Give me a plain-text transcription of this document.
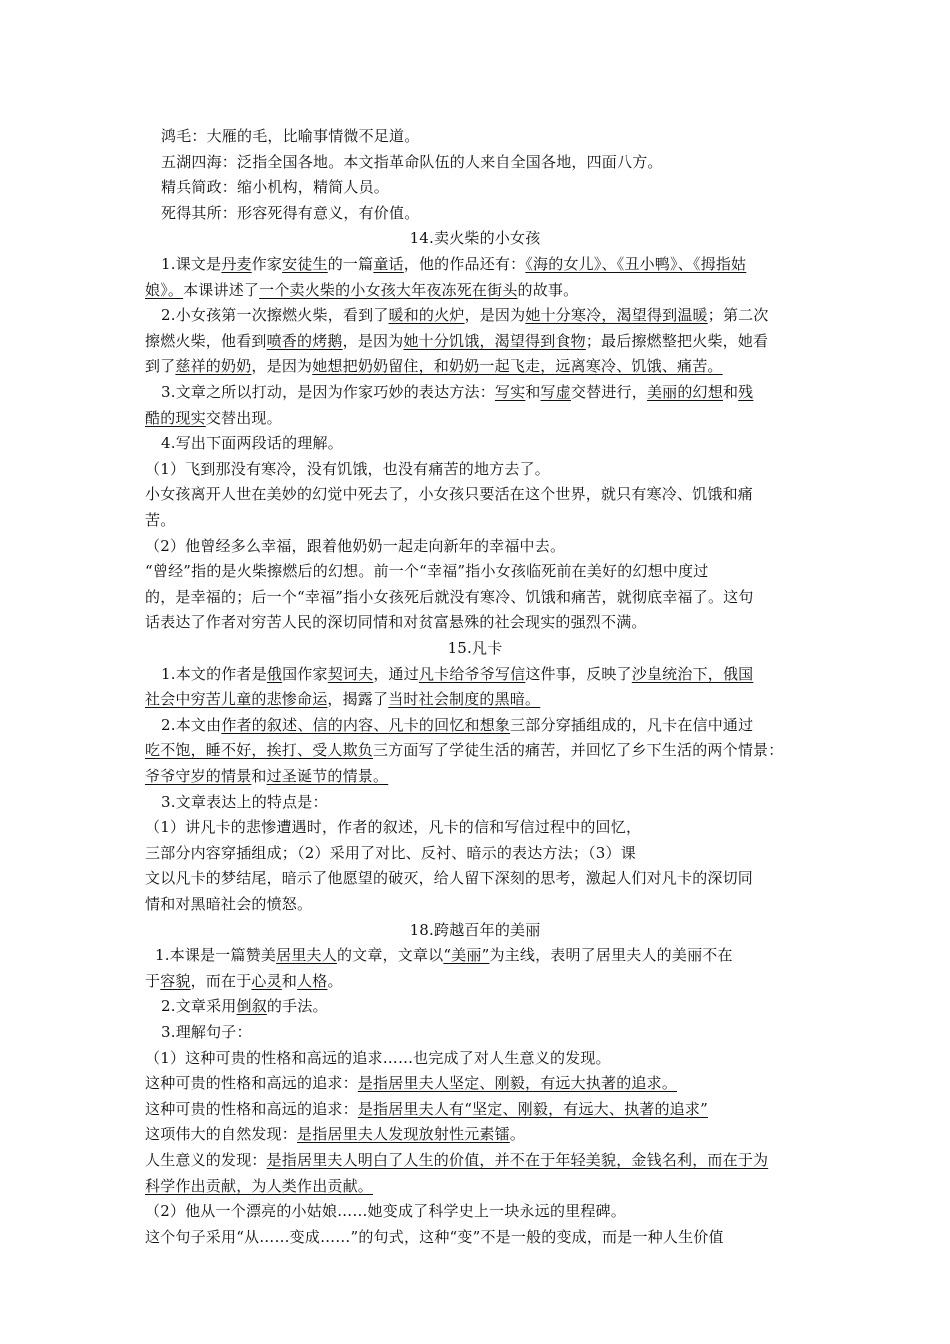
鸿毛：大雁的毛，比喻事情微不足道。
五湖四海：泛指全国各地。本文指革命队伍的人来自全国各地，四面八方。
精兵简政：缩小机构，精简人员。
死得其所：形容死得有意义，有价值。
14.卖火柴的小女孩
1.课文是丹麦作家安徒生的一篇童话，他的作品还有：《海的女儿》、《丑小鸭》、《拇指姑
娘》。本课讲述了一个卖火柴的小女孩大年夜冻死在街头的故事。
2.小女孩第一次擦燃火柴，看到了暖和的火炉，是因为她十分寒冷，渴望得到温暖；第二次
擦燃火柴，他看到喷香的烤鹅，是因为她十分饥饿，渴望得到食物；最后擦燃整把火柴，她看
到了慈祥的奶奶，是因为她想把奶奶留住，和奶奶一起飞走，远离寒冷、饥饿、痛苦。
3.文章之所以打动，是因为作家巧妙的表达方法：写实和写虚交替进行，美丽的幻想和残
酷的现实交替出现。
4.写出下面两段话的理解。
（1）飞到那没有寒冷，没有饥饿，也没有痛苦的地方去了。
小女孩离开人世在美妙的幻觉中死去了，小女孩只要活在这个世界，就只有寒冷、饥饿和痛
苦。
（2）他曾经多么幸福，跟着他奶奶一起走向新年的幸福中去。
“曾经”指的是火柴擦燃后的幻想。前一个“幸福”指小女孩临死前在美好的幻想中度过
的，是幸福的；后一个“幸福”指小女孩死后就没有寒冷、饥饿和痛苦，就彻底幸福了。这句
话表达了作者对穷苦人民的深切同情和对贫富悬殊的社会现实的强烈不满。
15.凡卡
1.本文的作者是俄国作家契诃夫，通过凡卡给爷爷写信这件事，反映了沙皇统治下，俄国
社会中穷苦儿童的悲惨命运，揭露了当时社会制度的黑暗。
2.本文由作者的叙述、信的内容、凡卡的回忆和想象三部分穿插组成的，凡卡在信中通过
吃不饱，睡不好，挨打、受人欺负三方面写了学徒生活的痛苦，并回忆了乡下生活的两个情景：
爷爷守岁的情景和过圣诞节的情景。
3.文章表达上的特点是：
（1）讲凡卡的悲惨遭遇时，作者的叙述，凡卡的信和写信过程中的回忆，
三部分内容穿插组成；（2）采用了对比、反衬、暗示的表达方法；（3）课
文以凡卡的梦结尾，暗示了他愿望的破灭，给人留下深刻的思考，激起人们对凡卡的深切同
情和对黑暗社会的愤怒。
18.跨越百年的美丽
1.本课是一篇赞美居里夫人的文章，文章以“美丽”为主线，表明了居里夫人的美丽不在
于容貌，而在于心灵和人格。
2.文章采用倒叙的手法。
3.理解句子：
（1）这种可贵的性格和高远的追求……也完成了对人生意义的发现。
这种可贵的性格和高远的追求：是指居里夫人坚定、刚毅，有远大执著的追求。
这种可贵的性格和高远的追求：是指居里夫人有“坚定、刚毅，有远大、执著的追求”
这项伟大的自然发现：是指居里夫人发现放射性元素镭。
人生意义的发现：是指居里夫人明白了人生的价值，并不在于年轻美貌，金钱名利，而在于为
科学作出贡献，为人类作出贡献。
（2）他从一个漂亮的小姑娘……她变成了科学史上一块永远的里程碑。
这个句子采用“从……变成……”的句式，这种“变”不是一般的变成，而是一种人生价值
